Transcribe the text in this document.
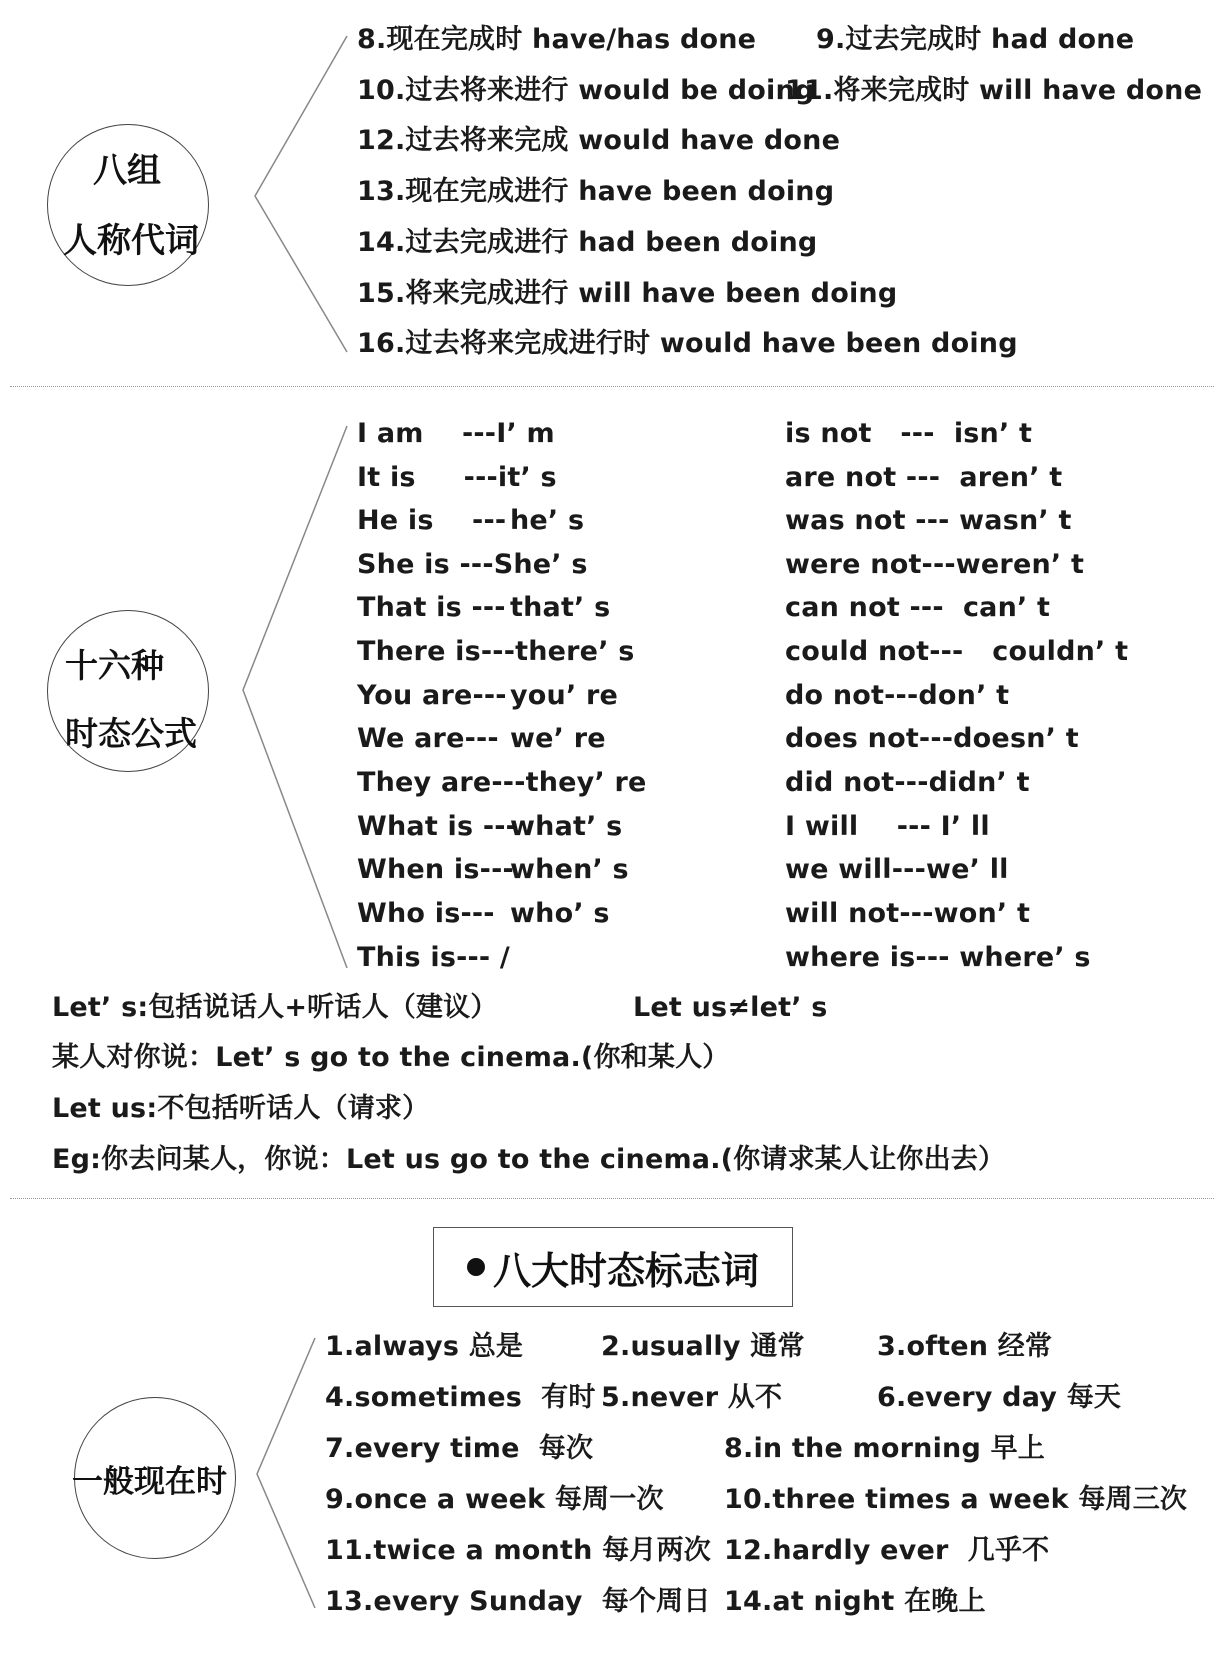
八组
人称代词
8.现在完成时 have/has done 9.过去完成时 had done
10.过去将来进行 would be doing
11.将来完成时 will have done
12.过去将来完成 would have done
13.现在完成进行 have been doing
14.过去完成进行 had been doing
15.将来完成进行 will have been doing
16.过去将来完成进行时 would have been doing
十六种
时态公式
I am    ---I’ m
It is     ---it’ s
He is    --- he’ s
She is ---She’ s
That is --- that’ s
There is---there’ s
You are--- you’ re
We are--- we’ re
They are---they’ re
What is ---
what’ s
When is---
when’ s
Who is--- who’ s
This is--- /
is not   ---  isn’ t
are not ---  aren’ t
was not --- wasn’ t
were not---weren’ t
can not ---  can’ t
could not---   couldn’ t
do not---don’ t
does not---doesn’ t
did not---didn’ t
I will    --- I’ ll
we will---we’ ll
will not---won’ t
where is--- where’ s
Let’ s:包括说话人+听话人（建议）	Let us≠let’ s
某人对你说：Let’ s go to the cinema.(你和某人）
Let us:不包括听话人（请求）
Eg:你去问某人，你说：Let us go to the cinema.(你请求某人让你出去）
八大时态标志词
一般现在时
1.always 总是	2.usually 通常	3.often 经常
4.sometimes  有时 5.never 从不	6.every day 每天
7.every time  每次	8.in the morning 早上
9.once a week 每周一次 10.three times a week 每周三次
11.twice a month 每月两次 12.hardly ever  几乎不
13.every Sunday  每个周日 14.at night 在晚上
